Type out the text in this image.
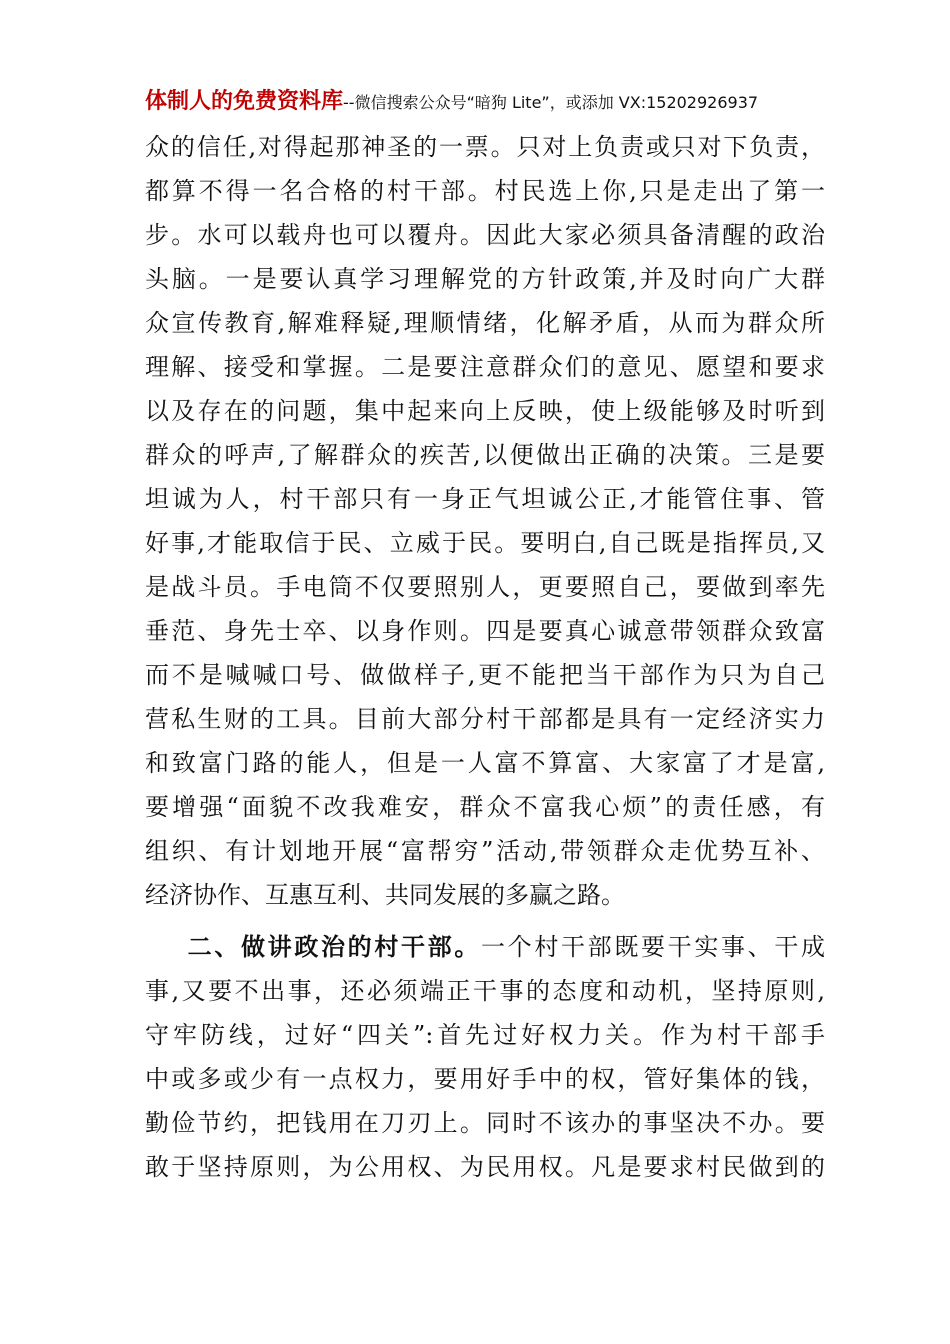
体制人的免费资料库--微信搜索公众号“暗狗 Lite”，或添加 VX:15202926937
众的信任,对得起那神圣的一票。只对上负责或只对下负责，
都算不得一名合格的村干部。村民选上你,只是走出了第一
步。水可以载舟也可以覆舟。因此大家必须具备清醒的政治
头脑。一是要认真学习理解党的方针政策,并及时向广大群
众宣传教育,解难释疑,理顺情绪，化解矛盾，从而为群众所
理解、接受和掌握。二是要注意群众们的意见、愿望和要求
以及存在的问题，集中起来向上反映，使上级能够及时听到
群众的呼声,了解群众的疾苦,以便做出正确的决策。三是要
坦诚为人，村干部只有一身正气坦诚公正,才能管住事、管
好事,才能取信于民、立威于民。要明白,自己既是指挥员,又
是战斗员。手电筒不仅要照别人，更要照自己，要做到率先
垂范、身先士卒、以身作则。四是要真心诚意带领群众致富
而不是喊喊口号、做做样子,更不能把当干部作为只为自己
营私生财的工具。目前大部分村干部都是具有一定经济实力
和致富门路的能人，但是一人富不算富、大家富了才是富,
要增强“面貌不改我难安，群众不富我心烦”的责任感，有
组织、有计划地开展“富帮穷”活动,带领群众走优势互补、
经济协作、互惠互利、共同发展的多赢之路。
二、做讲政治的村干部。一个村干部既要干实事、干成
事,又要不出事，还必须端正干事的态度和动机，坚持原则,
守牢防线，过好“四关”:首先过好权力关。作为村干部手
中或多或少有一点权力，要用好手中的权，管好集体的钱，
勤俭节约，把钱用在刀刃上。同时不该办的事坚决不办。要
敢于坚持原则，为公用权、为民用权。凡是要求村民做到的
